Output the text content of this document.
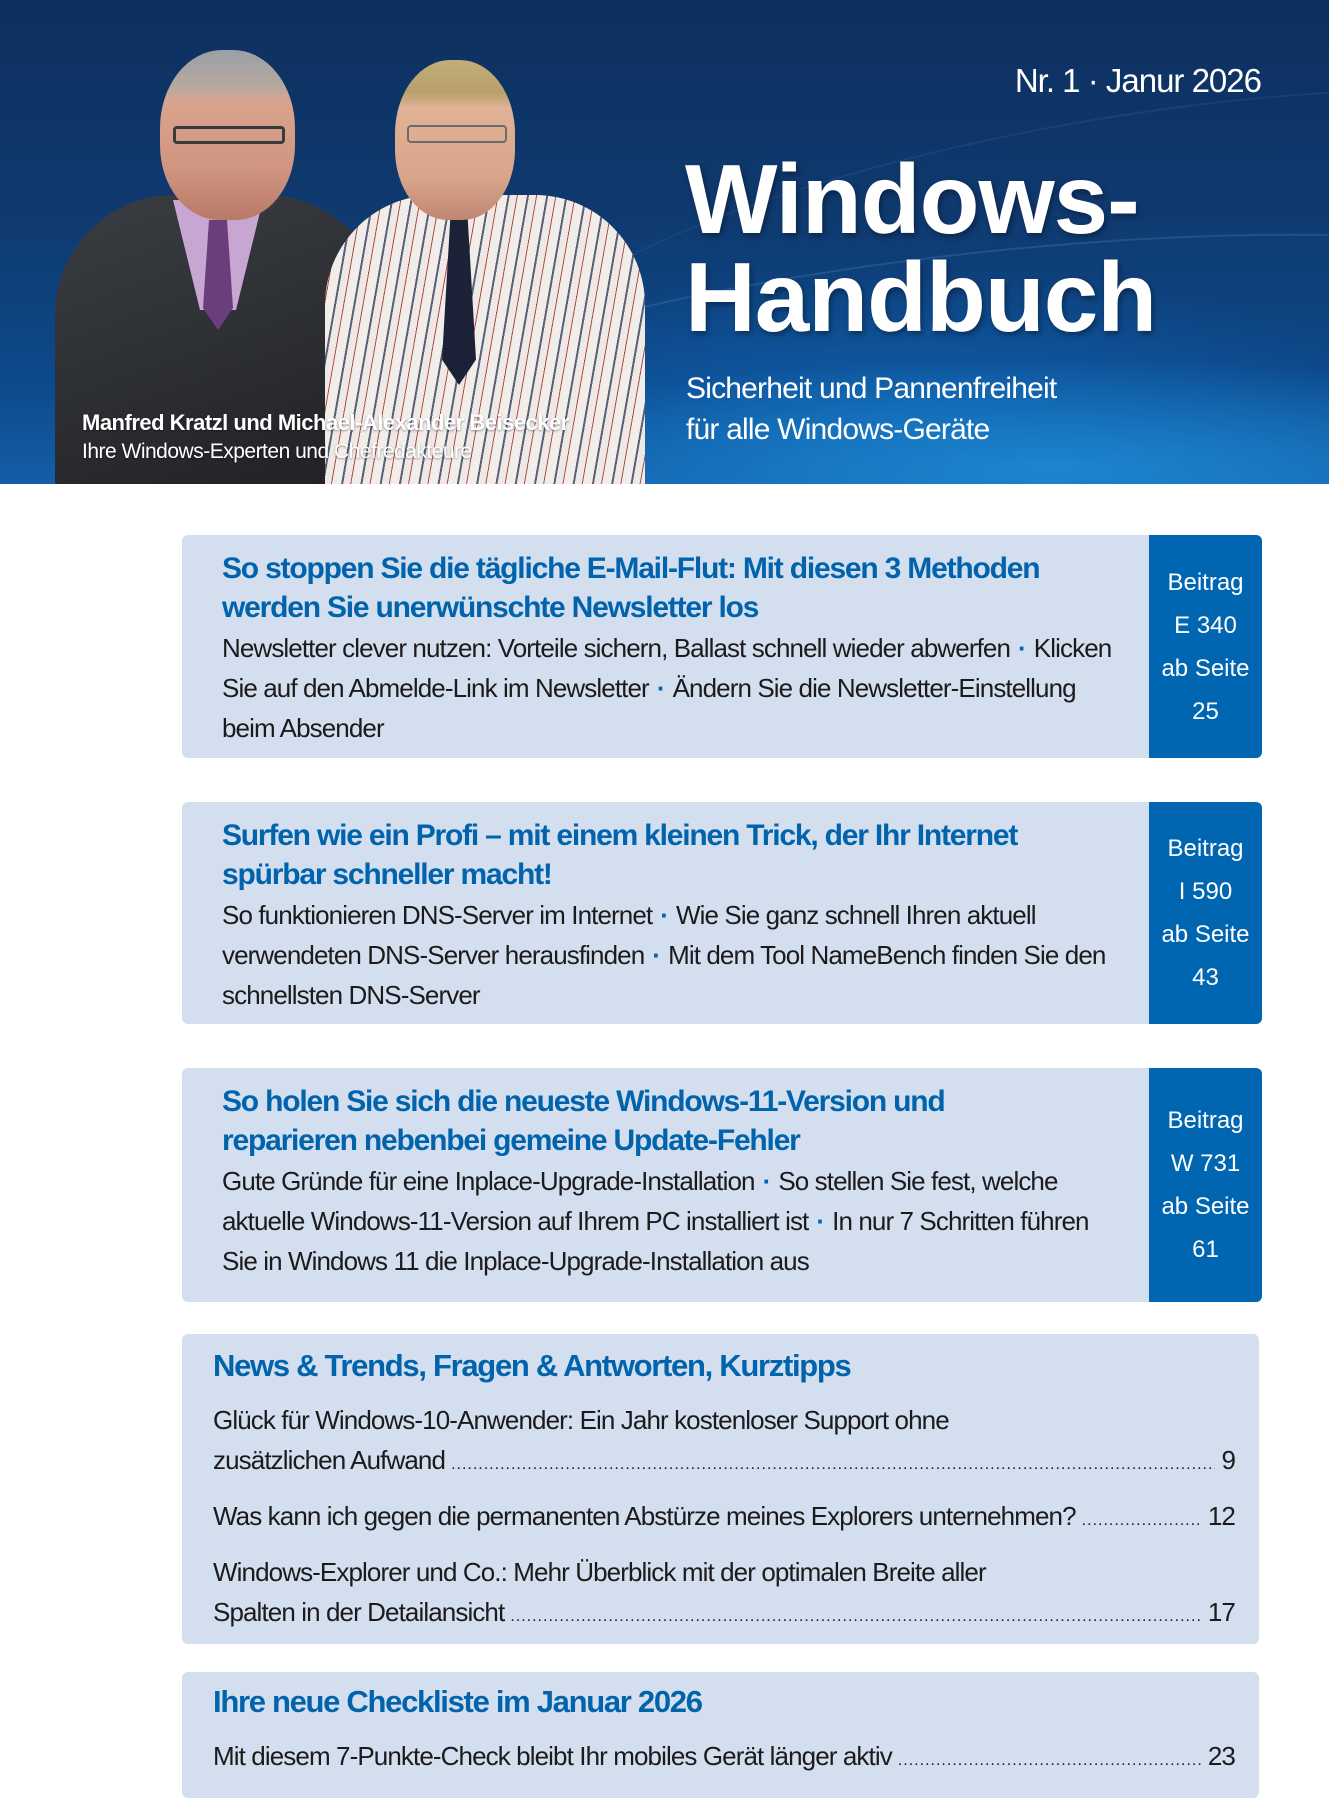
Manfred Kratzl und Michael-Alexander Beisecker
Ihre Windows-Experten und Chefredakteure
Nr. 1 · Janur 2026
Windows-
Handbuch
Sicherheit und Pannenfreiheit
für alle Windows-Geräte
So stoppen Sie die tägliche E-Mail-Flut: Mit diesen 3 Methoden
werden Sie unerwünschte Newsletter los
Newsletter clever nutzen: Vorteile sichern, Ballast schnell wieder abwerfen · Klicken Sie auf den Abmelde-Link im Newsletter · Ändern Sie die Newsletter-Einstellung beim Absender
Beitrag
E 340
ab Seite
25
Surfen wie ein Profi – mit einem kleinen Trick, der Ihr Internet
spürbar schneller macht!
So funktionieren DNS-Server im Internet · Wie Sie ganz schnell Ihren aktuell verwendeten DNS-Server herausfinden · Mit dem Tool NameBench finden Sie den schnellsten DNS-Server
Beitrag
I 590
ab Seite
43
So holen Sie sich die neueste Windows-11-Version und
reparieren nebenbei gemeine Update-Fehler
Gute Gründe für eine Inplace-Upgrade-Installation · So stellen Sie fest, welche aktuelle Windows-11-Version auf Ihrem PC installiert ist · In nur 7 Schritten führen Sie in Windows 11 die Inplace-Upgrade-Installation aus
Beitrag
W 731
ab Seite
61
News & Trends, Fragen & Antworten, Kurztipps
Glück für Windows-10-Anwender: Ein Jahr kostenloser Support ohne
zusätzlichen Aufwand .....	9
Was kann ich gegen die permanenten Abstürze meines Explorers unternehmen? .....	12
Windows-Explorer und Co.: Mehr Überblick mit der optimalen Breite aller
Spalten in der Detailansicht .....	17
Ihre neue Checkliste im Januar 2026
Mit diesem 7-Punkte-Check bleibt Ihr mobiles Gerät länger aktiv .....	23
